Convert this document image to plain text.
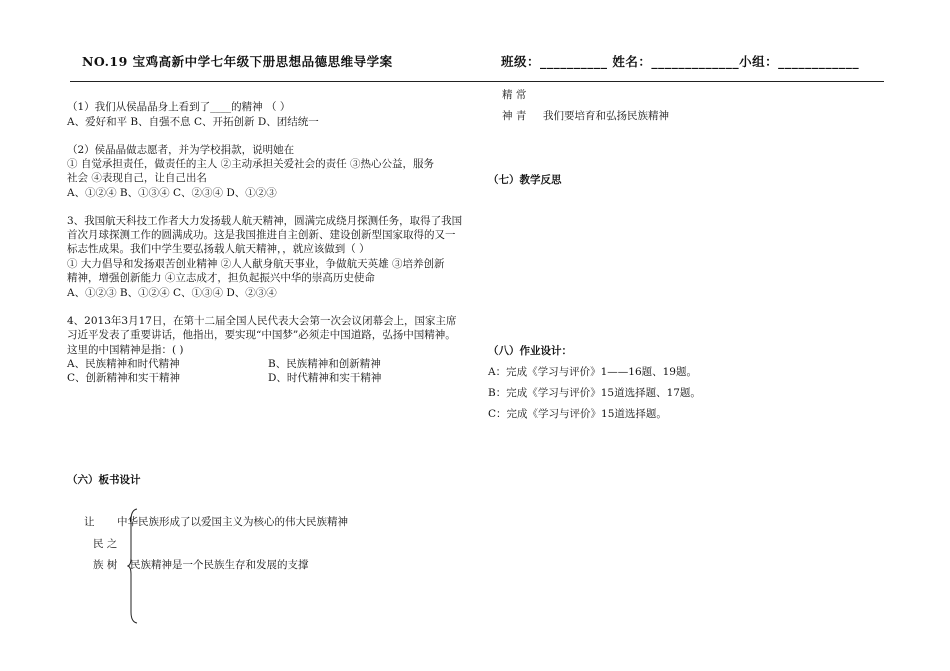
NO.19 宝鸡高新中学七年级下册思想品德思维导学案	班级：__________ 姓名：_____________小组：____________
（1）我们从侯晶晶身上看到了____的精神 （ ）
A、爱好和平 B、自强不息 C、开拓创新 D、团结统一
（2）侯晶晶做志愿者，并为学校捐款，说明她在
① 自觉承担责任，做责任的主人 ②主动承担关爱社会的责任 ③热心公益，服务
社会 ④表现自己，让自己出名
A、①②④ B、①③④ C、②③④ D、①②③
3、我国航天科技工作者大力发扬载人航天精神，圆满完成绕月探测任务，取得了我国
首次月球探测工作的圆满成功。这是我国推进自主创新、建设创新型国家取得的又一
标志性成果。我们中学生要弘扬载人航天精神，，就应该做到（ ）
① 大力倡导和发扬艰苦创业精神 ②人人献身航天事业，争做航天英雄 ③培养创新
精神，增强创新能力 ④立志成才，担负起振兴中华的崇高历史使命
A、①②③ B、①②④ C、①③④ D、②③④
4、2013年3月17日，在第十二届全国人民代表大会第一次会议闭幕会上，国家主席
习近平发表了重要讲话，他指出，要实现“中国梦”必须走中国道路，弘扬中国精神。
这里的中国精神是指：( )
A、民族精神和时代精神	B、民族精神和创新精神
C、创新精神和实干精神	D、时代精神和实干精神
（六）板书设计
让
民 之
族 树
中华民族形成了以爱国主义为核心的伟大民族精神
民族精神是一个民族生存和发展的支撑
精 常
神 青 我们要培育和弘扬民族精神
（七）教学反思
（八）作业设计：
A：完成《学习与评价》1——16题、19题。
B：完成《学习与评价》15道选择题、17题。
C：完成《学习与评价》15道选择题。
